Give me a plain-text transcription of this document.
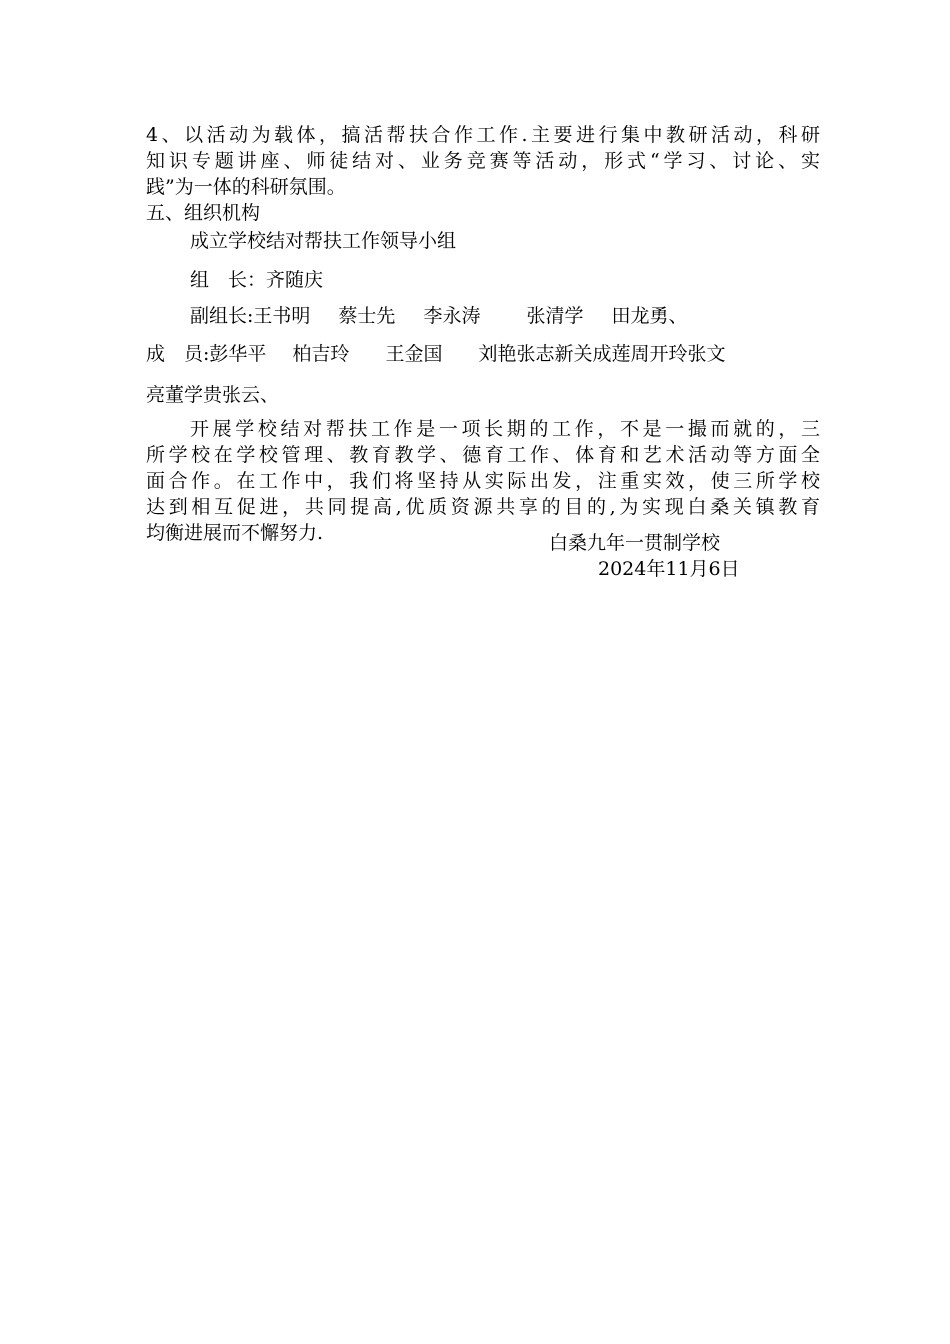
4、以活动为载体，搞活帮扶合作工作.主要进行集中教研活动，科研
知识专题讲座、师徒结对、业务竞赛等活动，形式“学习、讨论、实
践”为一体的科研氛围。
五、组织机构
成立学校结对帮扶工作领导小组
组　长：齐随庆
副组长:王书明 蔡士先 李永涛 张清学 田龙勇、
成　员:彭华平 柏吉玲 王金国 刘艳张志新关成莲周开玲张文
亮董学贵张云、
开展学校结对帮扶工作是一项长期的工作，不是一撮而就的，三
所学校在学校管理、教育教学、德育工作、体育和艺术活动等方面全
面合作。在工作中，我们将坚持从实际出发，注重实效，使三所学校
达到相互促进，共同提高,优质资源共享的目的,为实现白桑关镇教育
均衡进展而不懈努力.	白桑九年一贯制学校
2024年11月6日
